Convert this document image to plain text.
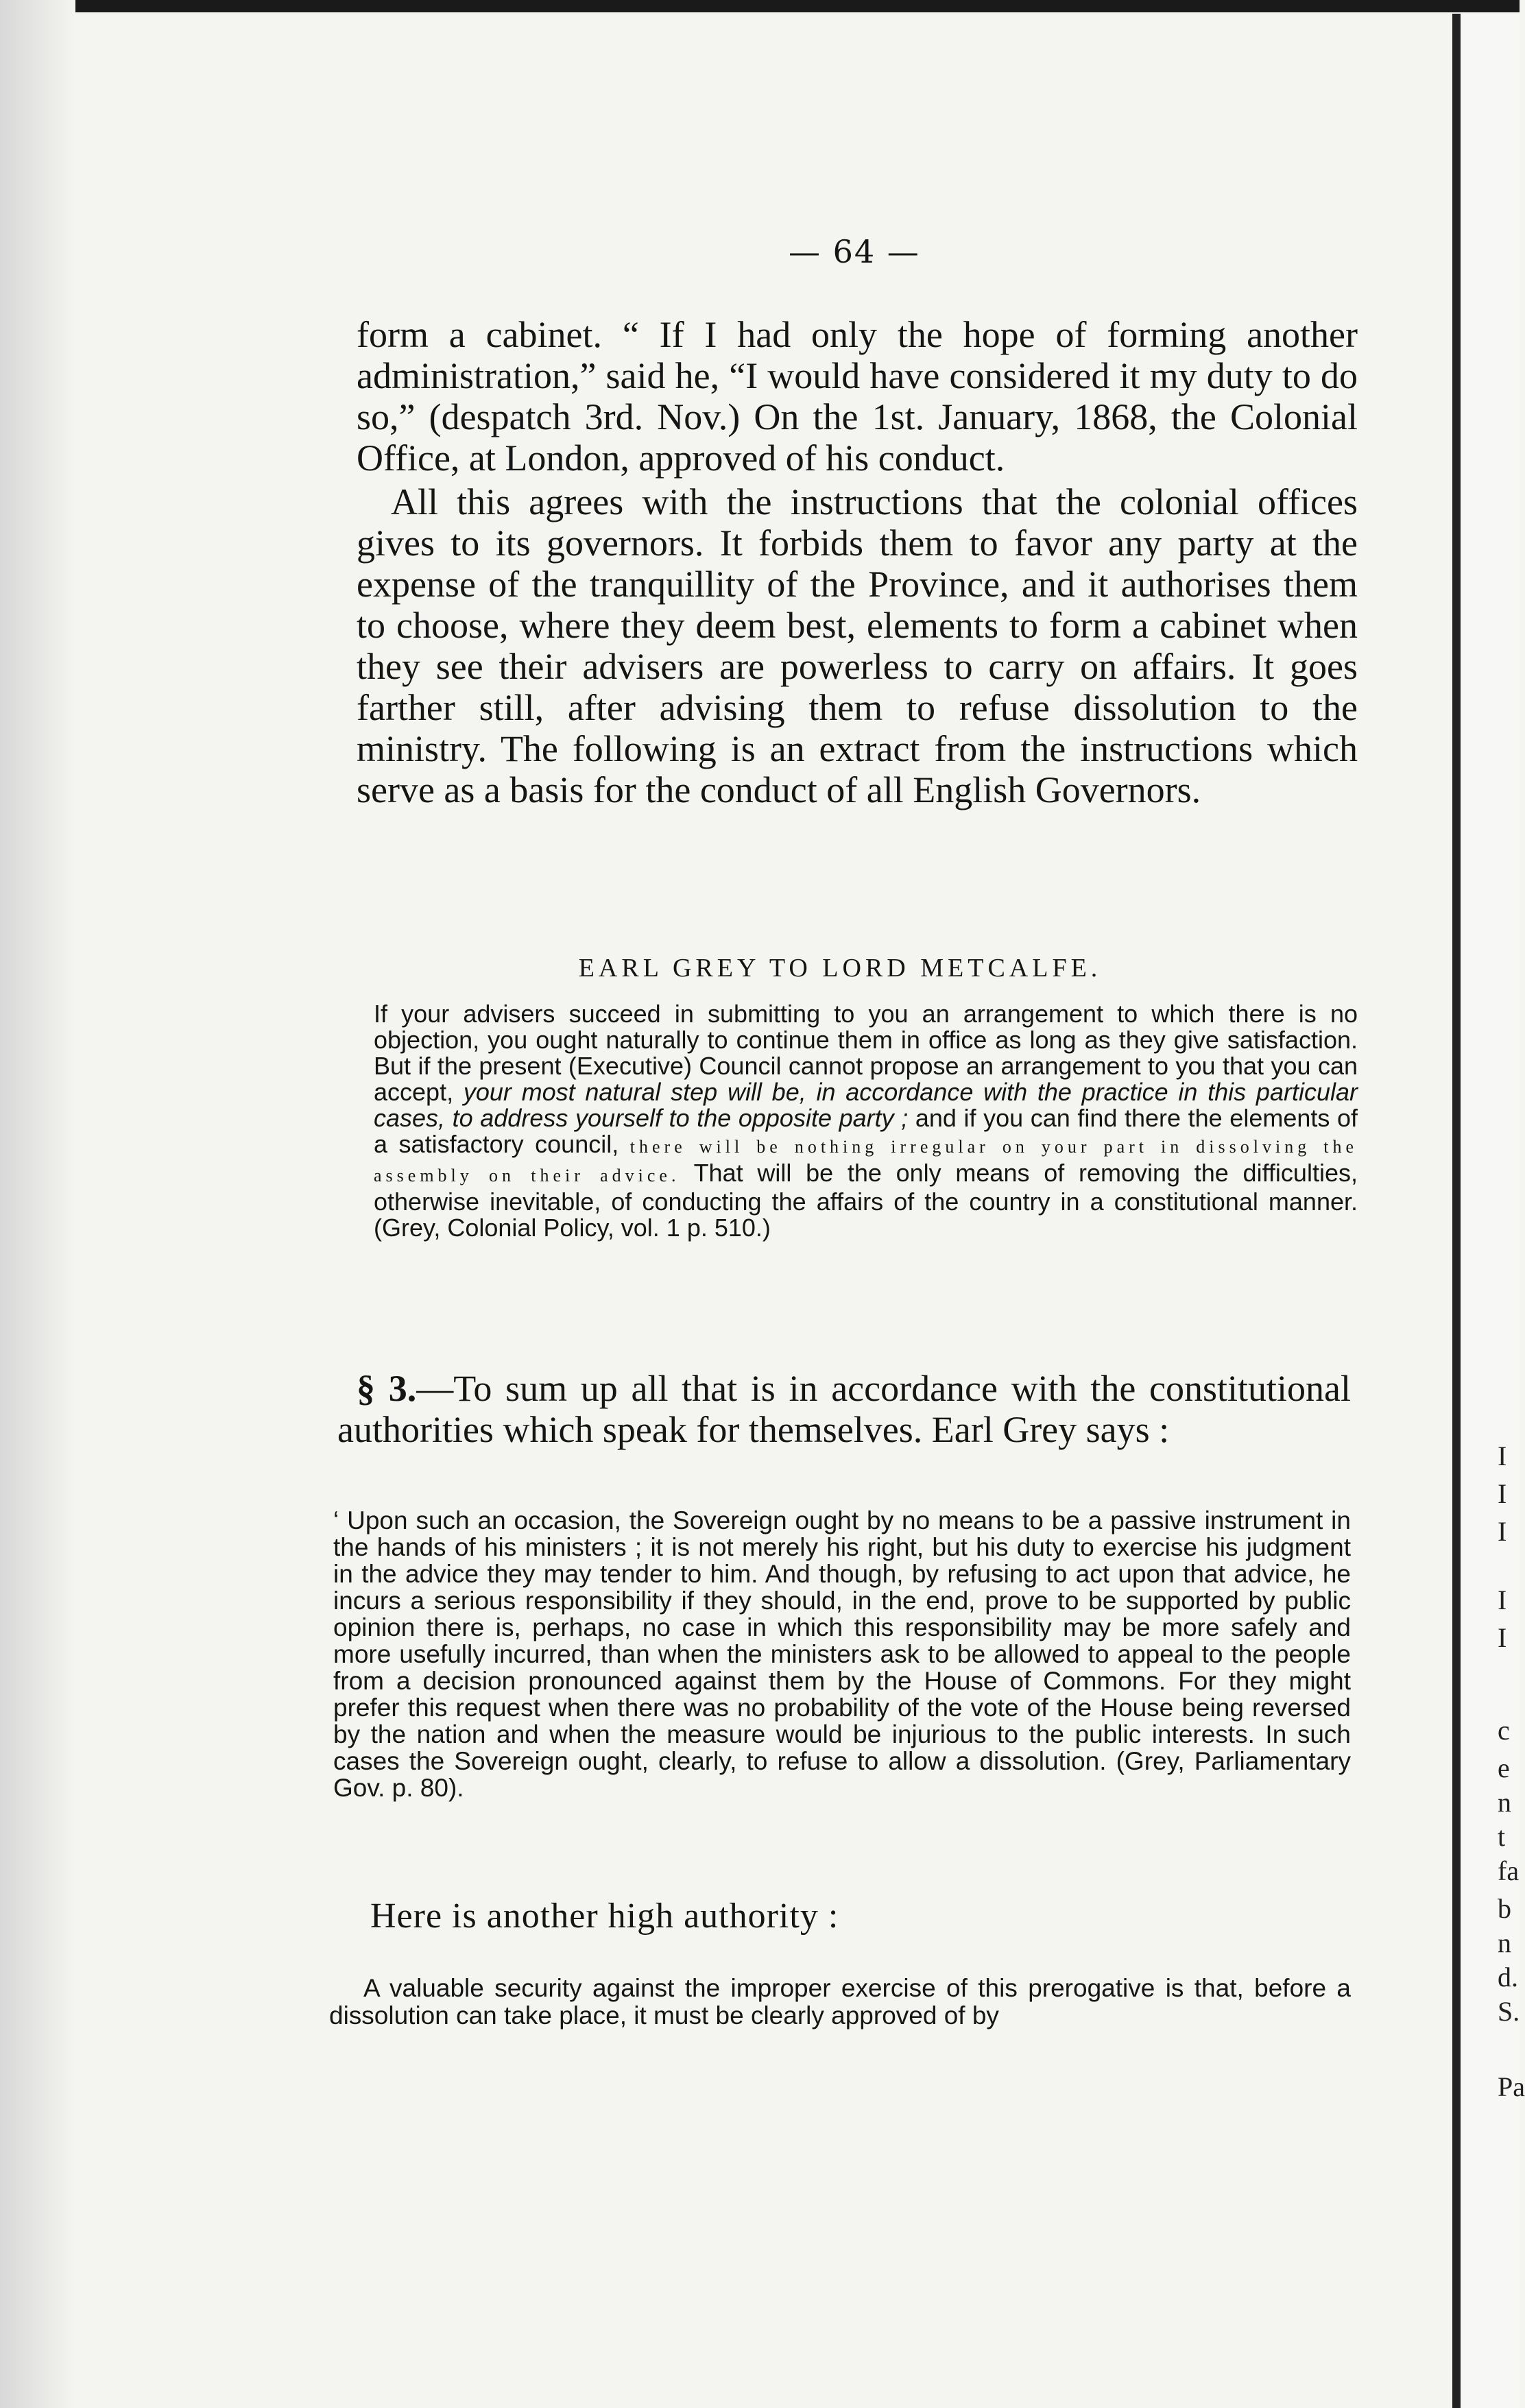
I
I
I
I
I
c
e
n
t
fa
b
n
d.
S.
Pa
— 64 —
form a cabinet. “ If I had only the hope of forming another administration,” said he, “I would have considered it my duty to do so,” (despatch 3rd. Nov.) On the 1st. January, 1868, the Colonial Office, at London, approved of his conduct.
All this agrees with the instructions that the colonial offices gives to its governors. It forbids them to favor any party at the expense of the tranquillity of the Province, and it authorises them to choose, where they deem best, elements to form a cabinet when they see their advisers are powerless to carry on affairs. It goes farther still, after advising them to refuse dissolution to the ministry. The following is an extract from the instructions which serve as a basis for the conduct of all English Governors.
EARL GREY TO LORD METCALFE.
If your advisers succeed in submitting to you an arrangement to which there is no objection, you ought naturally to continue them in office as long as they give satisfaction. But if the present (Executive) Council cannot propose an arrangement to you that you can accept, your most natural step will be, in accordance with the practice in this particular cases, to address yourself to the opposite party ; and if you can find there the elements of a satisfactory council, there will be nothing irregular on your part in dissolving the assembly on their advice. That will be the only means of removing the difficulties, otherwise inevitable, of conducting the affairs of the country in a constitutional manner. (Grey, Colonial Policy, vol. 1 p. 510.)
§ 3.—To sum up all that is in accordance with the constitutional authorities which speak for themselves. Earl Grey says :
‘ Upon such an occasion, the Sovereign ought by no means to be a passive instrument in the hands of his ministers ; it is not merely his right, but his duty to exercise his judgment in the advice they may tender to him. And though, by refusing to act upon that advice, he incurs a serious responsibility if they should, in the end, prove to be supported by public opinion there is, perhaps, no case in which this responsibility may be more safely and more usefully incurred, than when the ministers ask to be allowed to appeal to the people from a decision pronounced against them by the House of Commons. For they might prefer this request when there was no probability of the vote of the House being reversed by the nation and when the measure would be injurious to the public interests. In such cases the Sovereign ought, clearly, to refuse to allow a dissolution. (Grey, Parliamentary Gov. p. 80).
Here is another high authority :
A valuable security against the improper exercise of this prerogative is that, before a dissolution can take place, it must be clearly approved of by
